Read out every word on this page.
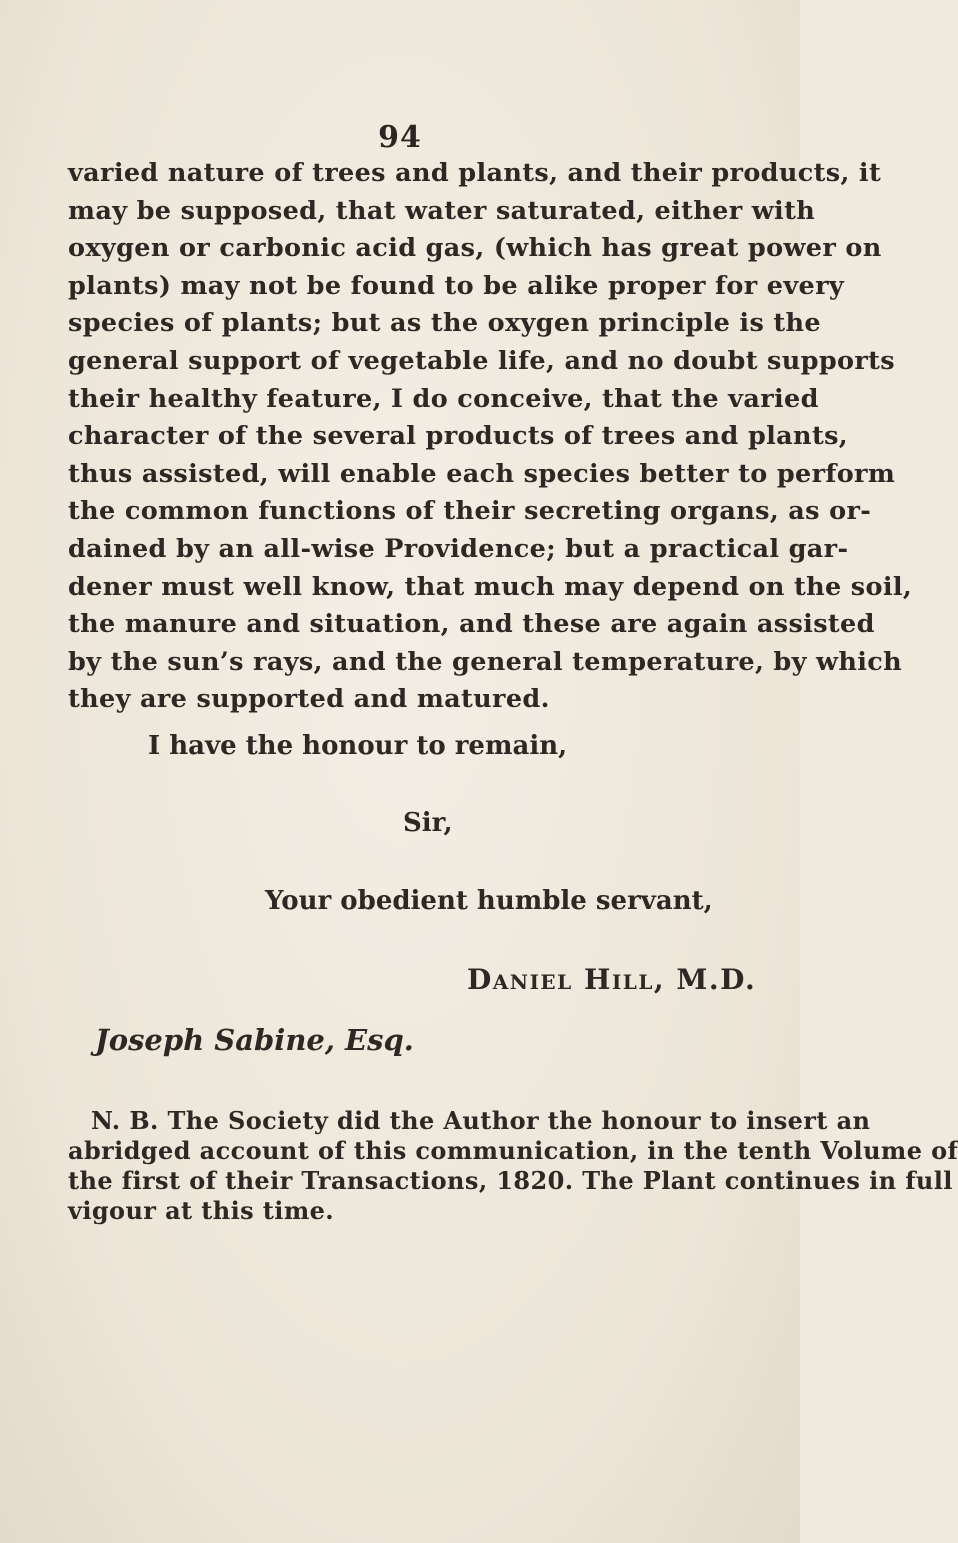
94
varied nature of trees and plants, and their products, it
may be supposed, that water saturated, either with
oxygen or carbonic acid gas, (which has great power on
plants) may not be found to be alike proper for every
species of plants; but as the oxygen principle is the
general support of vegetable life, and no doubt supports
their healthy feature, I do conceive, that the varied
character of the several products of trees and plants,
thus assisted, will enable each species better to perform
the common functions of their secreting organs, as or-
dained by an all-wise Providence; but a practical gar-
dener must well know, that much may depend on the soil,
the manure and situation, and these are again assisted
by the sun’s rays, and the general temperature, by which
they are supported and matured.
I have the honour to remain,
Sir,
Your obedient humble servant,
Daniel Hill, M.D.
Joseph Sabine, Esq.
N. B. The Society did the Author the honour to insert an
abridged account of this communication, in the tenth Volume of
the first of their Transactions, 1820. The Plant continues in full
vigour at this time.
